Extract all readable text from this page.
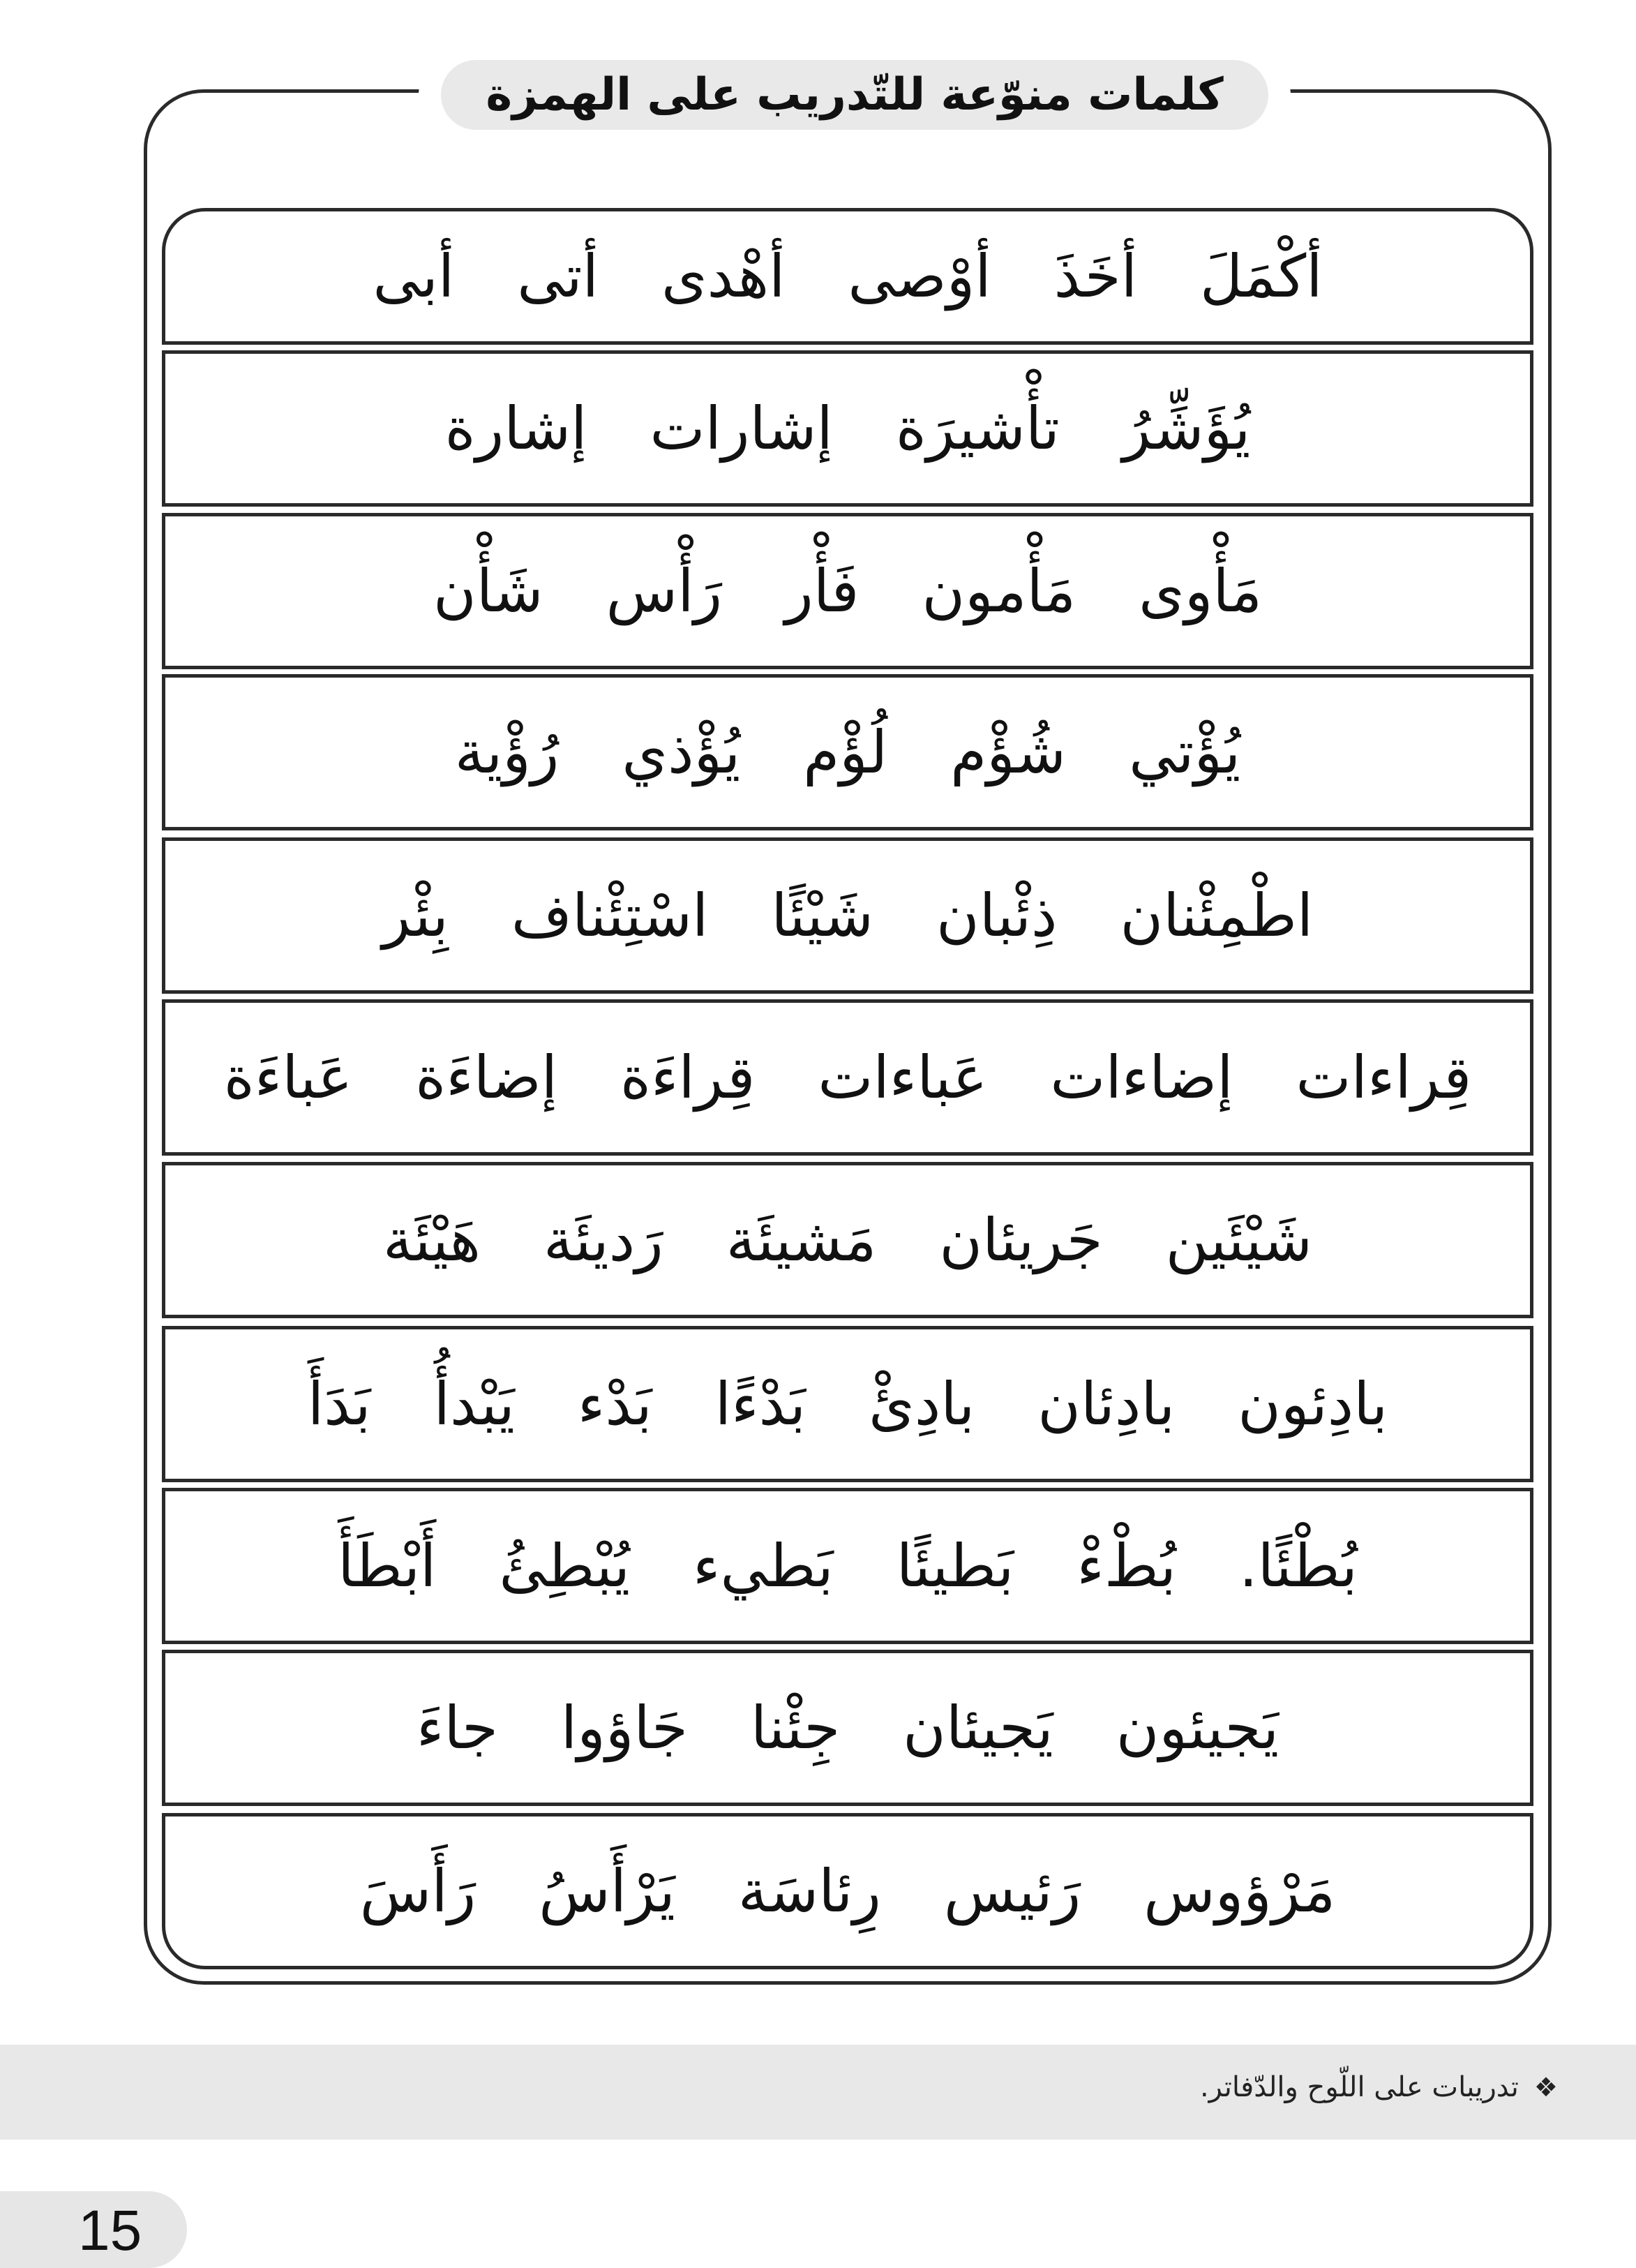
كلمات منوّعة للتّدريب على الهمزة
أبى أتى أهْدى أوْصى أخَذَ أكْمَلَ
إشارة إشارات تأْشيرَة يُؤَشِّرُ
شَأْن رَأْس فَأْر مَأْمون مَأْوى
رُؤْية يُؤْذي لُؤْم شُؤْم يُؤْتي
بِئْر اسْتِئْناف شَيْئًا ذِئْبان اطْمِئْنان
عَباءَة إضاءَة قِراءَة عَباءات إضاءات قِراءات
هَيْئَة رَديئَة مَشيئَة جَريئان شَيْئَين
بَدَأَ يَبْدأُ بَدْء بَدْءًا بادِئْ بادِئان بادِئون
أَبْطَأَ يُبْطِئُ بَطيء بَطيئًا بُطْءْ بُطْئًا.
جاءَ جَاؤوا جِئْنا يَجيئان يَجيئون
رَأَسَ يَرْأَسُ رِئاسَة رَئيس مَرْؤوس
❖
تدريبات على اللّوح والدّفاتر.
15
